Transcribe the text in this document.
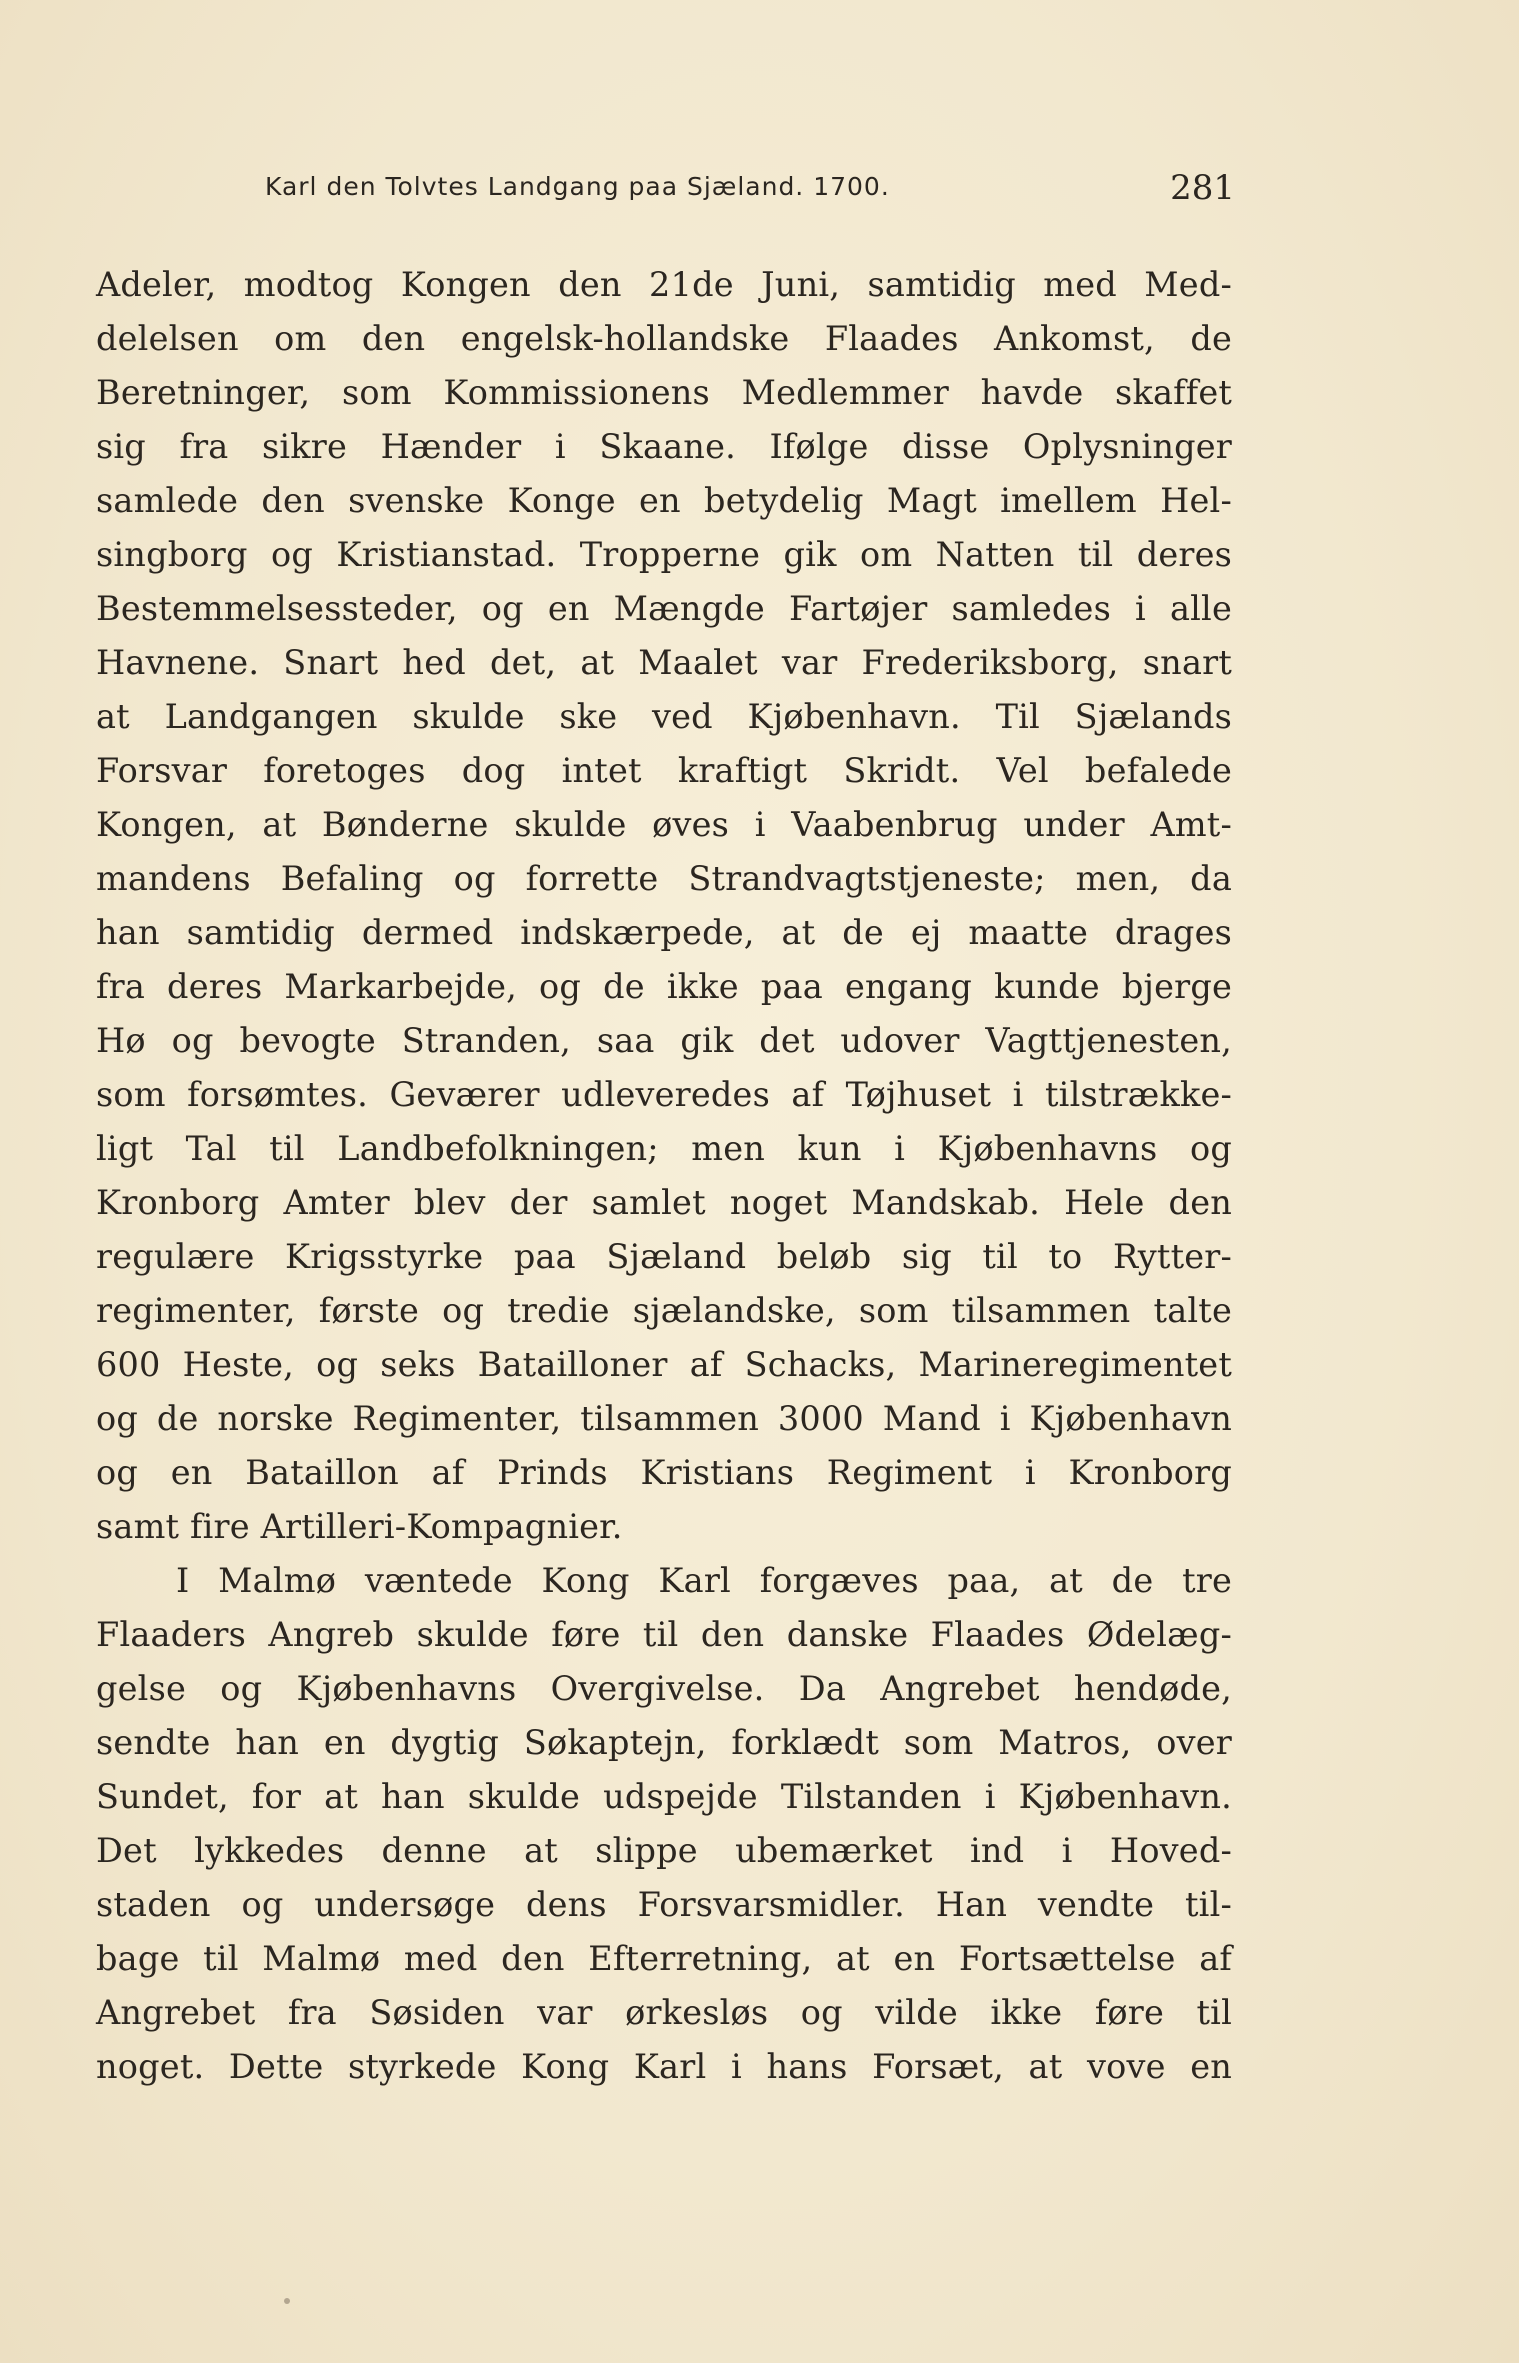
Karl den Tolvtes Landgang paa Sjæland. 1700.	281
Adeler, modtog Kongen den 21de Juni, samtidig med Med-
delelsen om den engelsk-hollandske Flaades Ankomst, de
Beretninger, som Kommissionens Medlemmer havde skaffet
sig fra sikre Hænder i Skaane. Ifølge disse Oplysninger
samlede den svenske Konge en betydelig Magt imellem Hel-
singborg og Kristianstad. Tropperne gik om Natten til deres
Bestemmelsessteder, og en Mængde Fartøjer samledes i alle
Havnene. Snart hed det, at Maalet var Frederiksborg, snart
at Landgangen skulde ske ved Kjøbenhavn. Til Sjælands
Forsvar foretoges dog intet kraftigt Skridt. Vel befalede
Kongen, at Bønderne skulde øves i Vaabenbrug under Amt-
mandens Befaling og forrette Strandvagtstjeneste; men, da
han samtidig dermed indskærpede, at de ej maatte drages
fra deres Markarbejde, og de ikke paa engang kunde bjerge
Hø og bevogte Stranden, saa gik det udover Vagttjenesten,
som forsømtes. Geværer udleveredes af Tøjhuset i tilstrække-
ligt Tal til Landbefolkningen; men kun i Kjøbenhavns og
Kronborg Amter blev der samlet noget Mandskab. Hele den
regulære Krigsstyrke paa Sjæland beløb sig til to Rytter-
regimenter, første og tredie sjælandske, som tilsammen talte
600 Heste, og seks Batailloner af Schacks, Marineregimentet
og de norske Regimenter, tilsammen 3000 Mand i Kjøbenhavn
og en Bataillon af Prinds Kristians Regiment i Kronborg
samt fire Artilleri-Kompagnier.
I Malmø væntede Kong Karl forgæves paa, at de tre
Flaaders Angreb skulde føre til den danske Flaades Ødelæg-
gelse og Kjøbenhavns Overgivelse. Da Angrebet hendøde,
sendte han en dygtig Søkaptejn, forklædt som Matros, over
Sundet, for at han skulde udspejde Tilstanden i Kjøbenhavn.
Det lykkedes denne at slippe ubemærket ind i Hoved-
staden og undersøge dens Forsvarsmidler. Han vendte til-
bage til Malmø med den Efterretning, at en Fortsættelse af
Angrebet fra Søsiden var ørkesløs og vilde ikke føre til
noget. Dette styrkede Kong Karl i hans Forsæt, at vove en
